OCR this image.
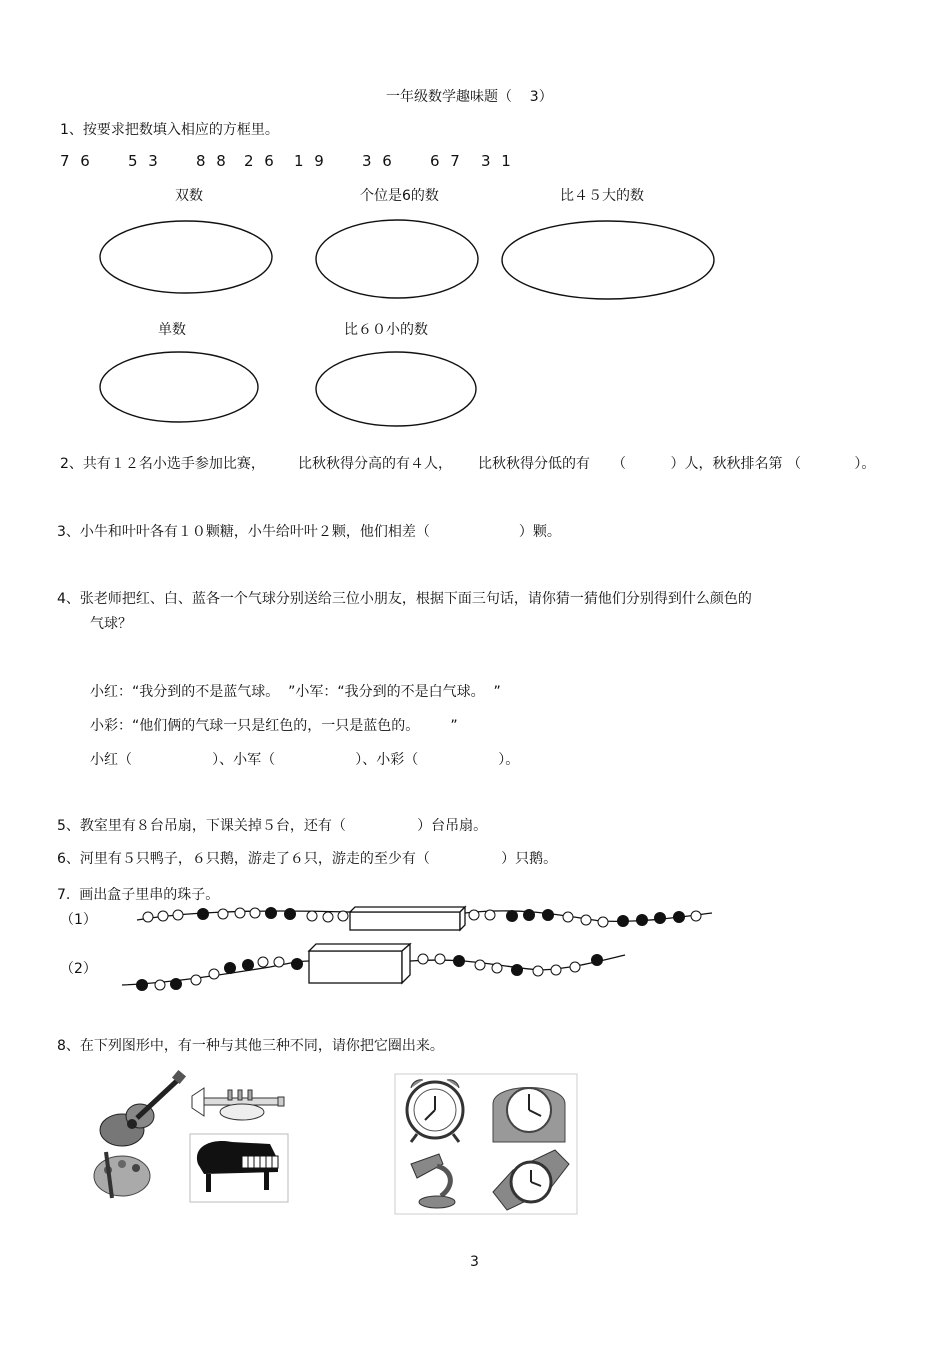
一年级数学趣味题（    3）
1、按要求把数填入相应的方框里。
7 6 5 3 8 8 2 6 1 9 3 6 6 7 3 1
双数	个位是6的数	比４５大的数
单数	比６０小的数
2、共有１２名小选手参加比赛， 比秋秋得分高的有４人， 比秋秋得分低的有 （          ）人，秋秋排名第 （            ）。
3、小牛和叶叶各有１０颗糖，小牛给叶叶２颗，他们相差（                    ）颗。
4、张老师把红、白、蓝各一个气球分别送给三位小朋友，根据下面三句话，请你猜一猜他们分别得到什么颜色的
气球？
小红：“我分到的不是蓝气球。  ”小军：“我分到的不是白气球。  ”
小彩：“他们俩的气球一只是红色的，一只是蓝色的。       ”
小红（                  ）、小军（                  ）、小彩（                  ）。
5、教室里有８台吊扇，下课关掉５台，还有（                ）台吊扇。
6、河里有５只鸭子，６只鹅，游走了６只，游走的至少有（                ）只鹅。
7.  画出盒子里串的珠子。
（1）
（2）
8、在下列图形中，有一种与其他三种不同，请你把它圈出来。
3
